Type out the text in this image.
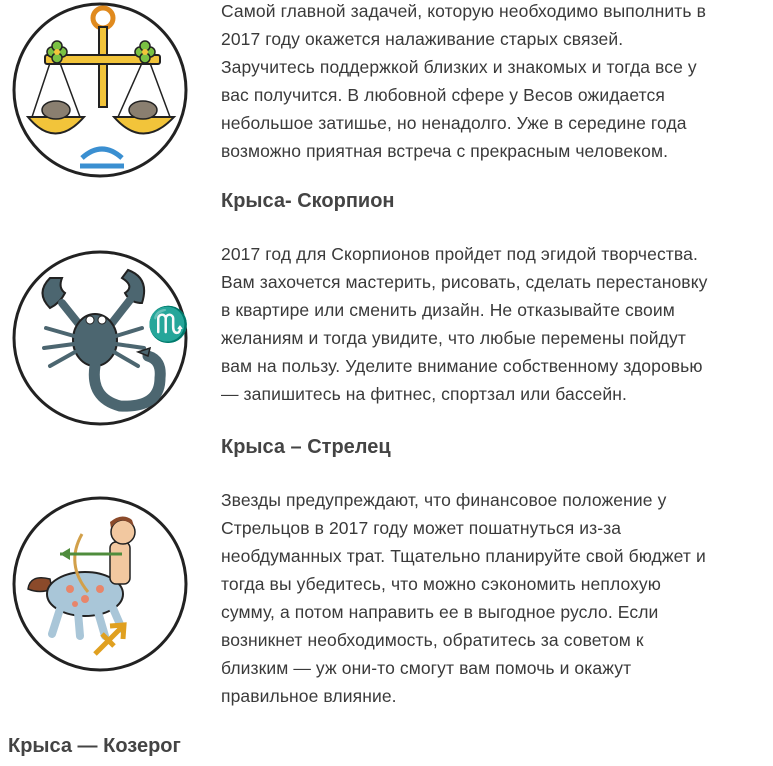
Самой главной задачей, которую необходимо выполнить в
2017 году окажется налаживание старых связей.
Заручитесь поддержкой близких и знакомых и тогда все у
вас получится. В любовной сфере у Весов ожидается
небольшое затишье, но ненадолго. Уже в середине года
возможно приятная встреча с прекрасным человеком.
Крыса- Скорпион
♏
2017 год для Скорпионов пройдет под эгидой творчества.
Вам захочется мастерить, рисовать, сделать перестановку
в квартире или сменить дизайн. Не отказывайте своим
желаниям и тогда увидите, что любые перемены пойдут
вам на пользу. Уделите внимание собственному здоровью
— запишитесь на фитнес, спортзал или бассейн.
Крыса – Стрелец
Звезды предупреждают, что финансовое положение у
Стрельцов в 2017 году может пошатнуться из-за
необдуманных трат. Тщательно планируйте свой бюджет и
тогда вы убедитесь, что можно сэкономить неплохую
сумму, а потом направить ее в выгодное русло. Если
возникнет необходимость, обратитесь за советом к
близким — уж они-то смогут вам помочь и окажут
правильное влияние.
Крыса — Козерог
